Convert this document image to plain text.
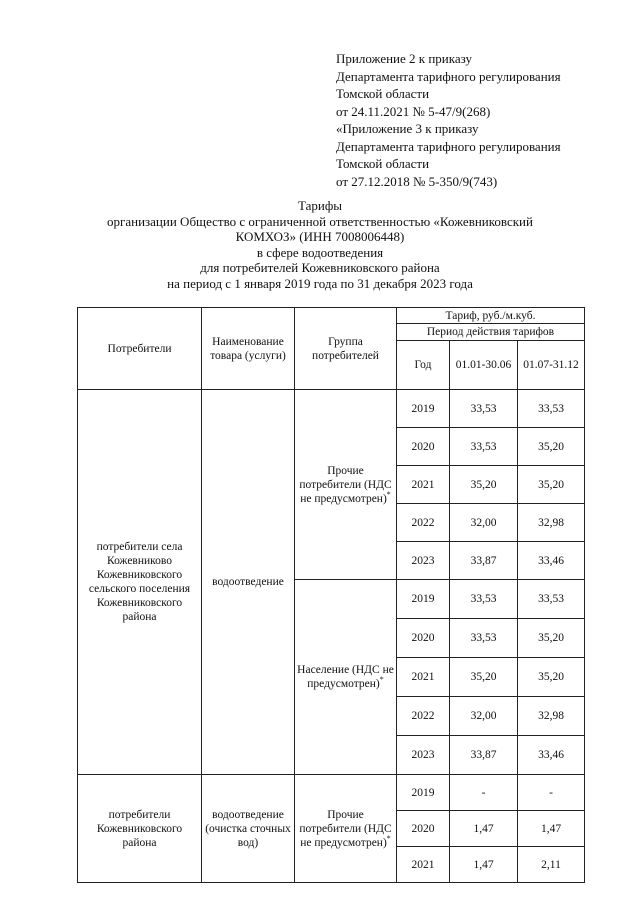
Приложение 2 к приказу
Департамента тарифного регулирования
Томской области
от 24.11.2021 № 5-47/9(268)
«Приложение 3 к приказу
Департамента тарифного регулирования
Томской области
от 27.12.2018 № 5-350/9(743)
Тарифы
организации Общество с ограниченной ответственностью «Кожевниковский
КОМХОЗ» (ИНН 7008006448)
в сфере водоотведения
для потребителей Кожевниковского района
на период с 1 января 2019 года по 31 декабря 2023 года
Потребители	Наименование товара (услуги)	Группа потребителей	Тариф, руб./м.куб.		
			Период действия тарифов		
			Год	01.01-30.06	01.07-31.12
потребители села Кожевниково Кожевниковского сельского поселения Кожевниковского района	водоотведение	Прочие потребители (НДС не предусмотрен)*	2019	33,53	33,53
			2020	33,53	35,20
			2021	35,20	35,20
			2022	32,00	32,98
			2023	33,87	33,46
		Население (НДС не предусмотрен)*	2019	33,53	33,53
			2020	33,53	35,20
			2021	35,20	35,20
			2022	32,00	32,98
			2023	33,87	33,46
потребители Кожевниковского района	водоотведение (очистка сточных вод)	Прочие потребители (НДС не предусмотрен)*	2019	-	-
			2020	1,47	1,47
			2021	1,47	2,11
